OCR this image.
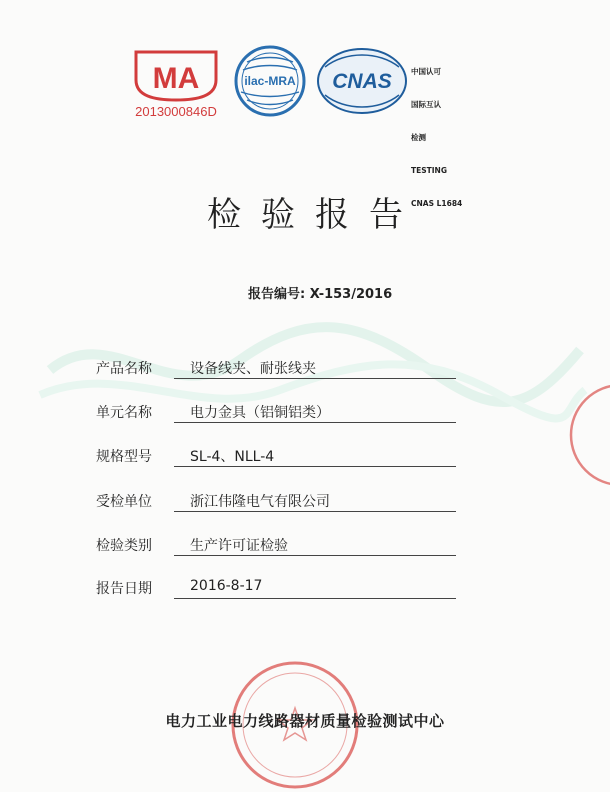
MA
2013000846D
ilac-MRA CNAS

	中国认可

国际互认

检测

TESTING

CNAS L1684

检验报告
报告编号: X-153/2016
产品名称	设备线夹、耐张线夹
单元名称	电力金具（铝铜铝类）
规格型号	SL-4、NLL-4
受检单位	浙江伟隆电气有限公司
检验类别	生产许可证检验
报告日期	2016-8-17
电力工业电力线路器材质量检验测试中心
